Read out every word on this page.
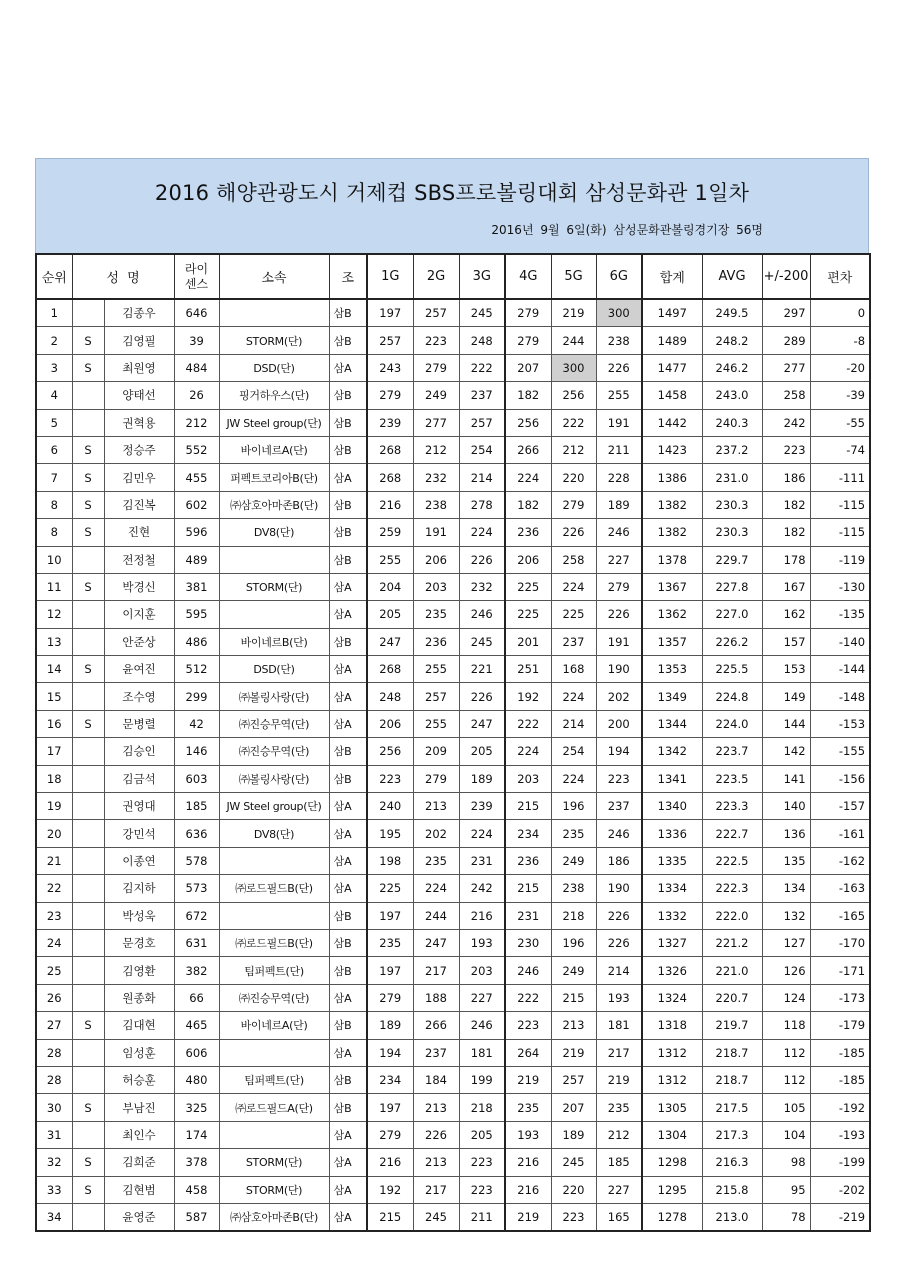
2016 해양관광도시 거제컵 SBS프로볼링대회 삼성문화관 1일차
2016년 9월 6일(화) 삼성문화관볼링경기장 56명
순위	성  명		라이
센스	소속	조	1G	2G	3G	4G	5G	6G	합계	AVG	+/-200	편차
1		김종우	646		삼B	197	257	245	279	219	300	1497	249.5	297	0
2	S	김영필	39	STORM(단)	삼B	257	223	248	279	244	238	1489	248.2	289	-8
3	S	최원영	484	DSD(단)	삼A	243	279	222	207	300	226	1477	246.2	277	-20
4		양태선	26	핑거하우스(단)	삼B	279	249	237	182	256	255	1458	243.0	258	-39
5		권혁용	212	JW Steel group(단)	삼B	239	277	257	256	222	191	1442	240.3	242	-55
6	S	정승주	552	바이네르A(단)	삼B	268	212	254	266	212	211	1423	237.2	223	-74
7	S	김민우	455	퍼펙트코리아B(단)	삼A	268	232	214	224	220	228	1386	231.0	186	-111
8	S	김진복	602	㈜삼호아마존B(단)	삼B	216	238	278	182	279	189	1382	230.3	182	-115
8	S	진현	596	DV8(단)	삼B	259	191	224	236	226	246	1382	230.3	182	-115
10		전정철	489		삼B	255	206	226	206	258	227	1378	229.7	178	-119
11	S	박경신	381	STORM(단)	삼A	204	203	232	225	224	279	1367	227.8	167	-130
12		이지훈	595		삼A	205	235	246	225	225	226	1362	227.0	162	-135
13		안준상	486	바이네르B(단)	삼B	247	236	245	201	237	191	1357	226.2	157	-140
14	S	윤여진	512	DSD(단)	삼A	268	255	221	251	168	190	1353	225.5	153	-144
15		조수영	299	㈜볼링사랑(단)	삼A	248	257	226	192	224	202	1349	224.8	149	-148
16	S	문병렬	42	㈜진승무역(단)	삼A	206	255	247	222	214	200	1344	224.0	144	-153
17		김승인	146	㈜진승무역(단)	삼B	256	209	205	224	254	194	1342	223.7	142	-155
18		김금석	603	㈜볼링사랑(단)	삼B	223	279	189	203	224	223	1341	223.5	141	-156
19		권영대	185	JW Steel group(단)	삼A	240	213	239	215	196	237	1340	223.3	140	-157
20		강민석	636	DV8(단)	삼A	195	202	224	234	235	246	1336	222.7	136	-161
21		이종연	578		삼A	198	235	231	236	249	186	1335	222.5	135	-162
22		김지하	573	㈜로드필드B(단)	삼A	225	224	242	215	238	190	1334	222.3	134	-163
23		박성욱	672		삼B	197	244	216	231	218	226	1332	222.0	132	-165
24		문경호	631	㈜로드필드B(단)	삼B	235	247	193	230	196	226	1327	221.2	127	-170
25		김영환	382	팀퍼펙트(단)	삼B	197	217	203	246	249	214	1326	221.0	126	-171
26		원종화	66	㈜진승무역(단)	삼A	279	188	227	222	215	193	1324	220.7	124	-173
27	S	김대현	465	바이네르A(단)	삼B	189	266	246	223	213	181	1318	219.7	118	-179
28		임성훈	606		삼A	194	237	181	264	219	217	1312	218.7	112	-185
28		허승훈	480	팀퍼펙트(단)	삼B	234	184	199	219	257	219	1312	218.7	112	-185
30	S	부남진	325	㈜로드필드A(단)	삼B	197	213	218	235	207	235	1305	217.5	105	-192
31		최인수	174		삼A	279	226	205	193	189	212	1304	217.3	104	-193
32	S	김희준	378	STORM(단)	삼A	216	213	223	216	245	185	1298	216.3	98	-199
33	S	김현범	458	STORM(단)	삼A	192	217	223	216	220	227	1295	215.8	95	-202
34		윤영준	587	㈜삼호아마존B(단)	삼A	215	245	211	219	223	165	1278	213.0	78	-219
